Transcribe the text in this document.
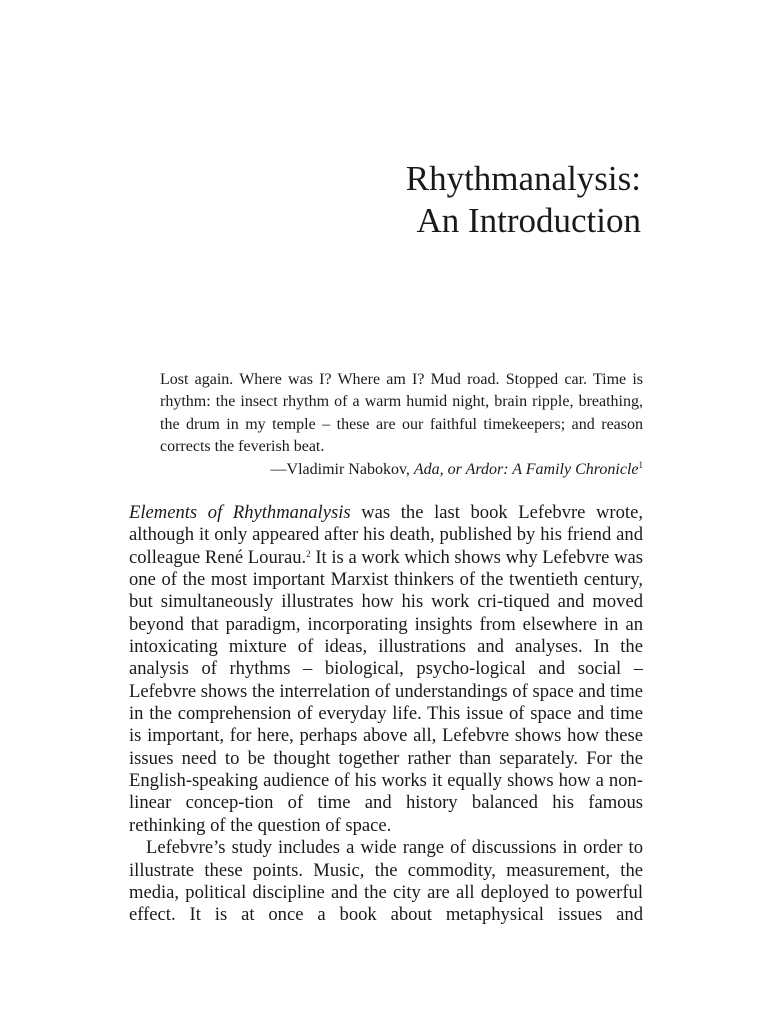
Rhythmanalysis:
An Introduction

Lost again. Where was I? Where am I? Mud road. Stopped car. Time is rhythm: the insect rhythm of a warm humid night, brain ripple, breathing, the drum in my temple – these are our faithful timekeepers; and reason corrects the feverish beat.

—Vladimir Nabokov, Ada, or Ardor: A Family Chronicle$^1$

Elements of Rhythmanalysis was the last book Lefebvre wrote, although it only appeared after his death, published by his friend and colleague René Lourau.$^2$ It is a work which shows why Lefebvre was one of the most important Marxist thinkers of the twentieth century, but simultaneously illustrates how his work cri-tiqued and moved beyond that paradigm, incorporating insights from elsewhere in an intoxicating mixture of ideas, illustrations and analyses. In the analysis of rhythms – biological, psycho-logical and social – Lefebvre shows the interrelation of understandings of space and time in the comprehension of everyday life. This issue of space and time is important, for here, perhaps above all, Lefebvre shows how these issues need to be thought together rather than separately. For the English-speaking audience of his works it equally shows how a non-linear concep-tion of time and history balanced his famous rethinking of the question of space.

Lefebvre’s study includes a wide range of discussions in order to illustrate these points. Music, the commodity, measurement, the media, political discipline and the city are all deployed to powerful effect. It is at once a book about metaphysical issues and
